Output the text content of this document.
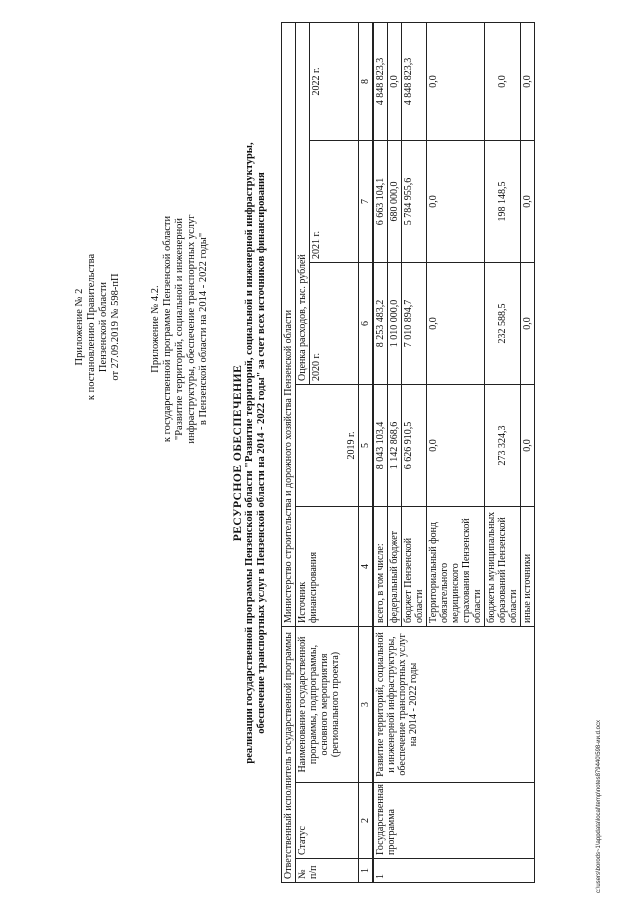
Приложение № 2 к постановлению Правительства Пензенской области от 27.09.2019 № 598-пП	Приложение № 4.2. к государственной программе Пензенской области "Развитие территорий, социальной и инженерной инфраструктуры, обеспечение транспортных услуг в Пензенской области на 2014 - 2022 годы"
РЕСУРСНОЕ ОБЕСПЕЧЕНИЕ реализации государственной программы Пензенской области "Развитие территорий, социальной и инженерной инфраструктуры, обеспечение транспортных услуг в Пензенской области на 2014 - 2022 годы" за счет всех источников финансирования
Ответственный исполнитель государственной программы			Министерство строительства и дорожного хозяйства Пензенской области				
№ п/п	Статус	Наименование государственной программы, подпрограммы, основного мероприятия (регионального проекта)	Источник финансирования	2019 г.	Оценка расходов, тыс. рублей		
					2020 г.	2021 г.	2022 г.
1	2	3	4	5	6	7	8
1	Государственная программа	Развитие территорий, социальной и инженерной инфраструктуры, обеспечение транспортных услуг на 2014 - 2022 годы	всего, в том числе:	8 043 103,4	8 253 483,2	6 663 104,1	4 848 823,3
			федеральный бюджет	1 142 868,6	1 010 000,0	680 000,0	0,0
			бюджет Пензенской области	6 626 910,5	7 010 894,7	5 784 955,6	4 848 823,3
			Территориальный фонд обязательного медицинского страхования Пензенской области	0,0	0,0	0,0	0,0
			бюджеты муниципальных образований Пензенской области	273 324,3	232 588,5	198 148,5	0,0
			иные источники	0,0	0,0	0,0	0,0
c:\users\borods~1\appdata\local\temp\notes879440\598-ии.d.ocx
